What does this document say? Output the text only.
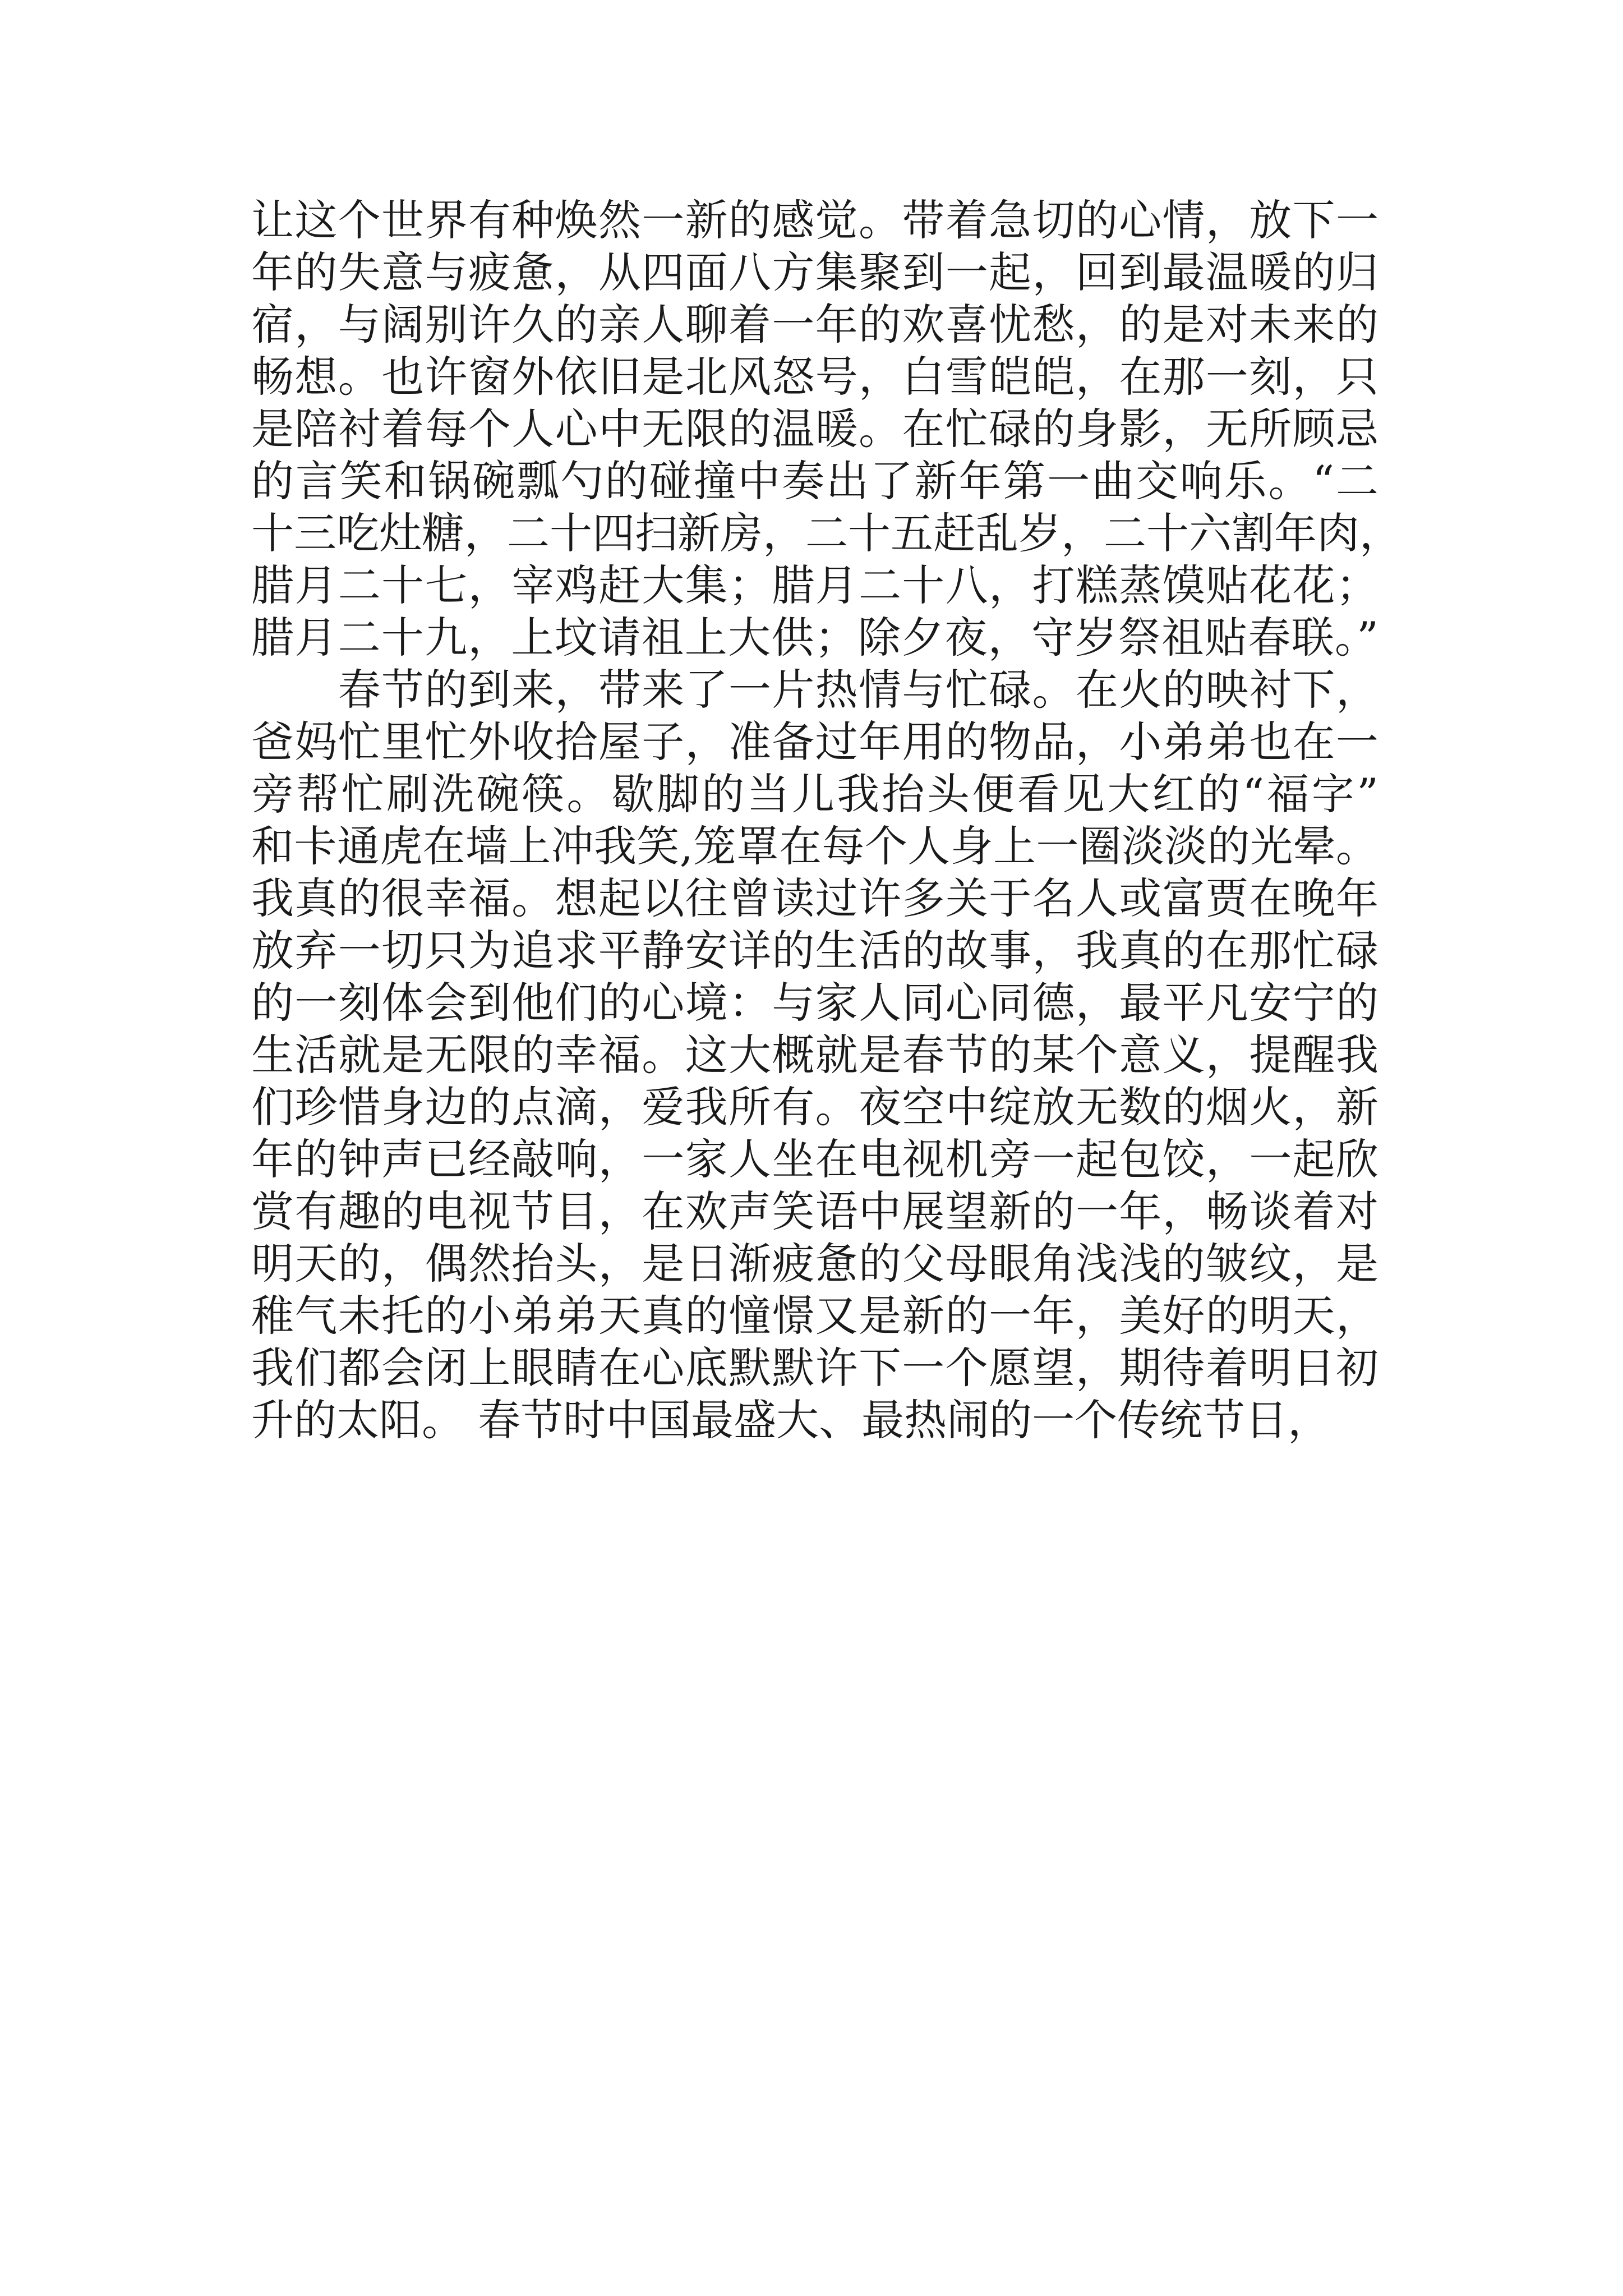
让这个世界有种焕然一新的感觉。带着急切的心情，放下一
年的失意与疲惫，从四面八方集聚到一起，回到最温暖的归
宿，与阔别许久的亲人聊着一年的欢喜忧愁，的是对未来的
畅想。也许窗外依旧是北风怒号，白雪皑皑，在那一刻，只
是陪衬着每个人心中无限的温暖。在忙碌的身影，无所顾忌
的言笑和锅碗瓢勺的碰撞中奏出了新年第一曲交响乐。“二
十三吃灶糖，二十四扫新房，二十五赶乱岁，二十六割年肉，
腊月二十七，宰鸡赶大集；腊月二十八，打糕蒸馍贴花花；
腊月二十九，上坟请祖上大供；除夕夜，守岁祭祖贴春联。”
　　春节的到来，带来了一片热情与忙碌。在火的映衬下，
爸妈忙里忙外收拾屋子，准备过年用的物品，小弟弟也在一
旁帮忙刷洗碗筷。歇脚的当儿我抬头便看见大红的“福字”
和卡通虎在墙上冲我笑,笼罩在每个人身上一圈淡淡的光晕。
我真的很幸福。想起以往曾读过许多关于名人或富贾在晚年
放弃一切只为追求平静安详的生活的故事，我真的在那忙碌
的一刻体会到他们的心境：与家人同心同德，最平凡安宁的
生活就是无限的幸福。这大概就是春节的某个意义，提醒我
们珍惜身边的点滴，爱我所有。夜空中绽放无数的烟火，新
年的钟声已经敲响，一家人坐在电视机旁一起包饺，一起欣
赏有趣的电视节目，在欢声笑语中展望新的一年，畅谈着对
明天的，偶然抬头，是日渐疲惫的父母眼角浅浅的皱纹，是
稚气未托的小弟弟天真的憧憬又是新的一年，美好的明天，
我们都会闭上眼睛在心底默默许下一个愿望，期待着明日初
升的太阳。 春节时中国最盛大、最热闹的一个传统节日，
